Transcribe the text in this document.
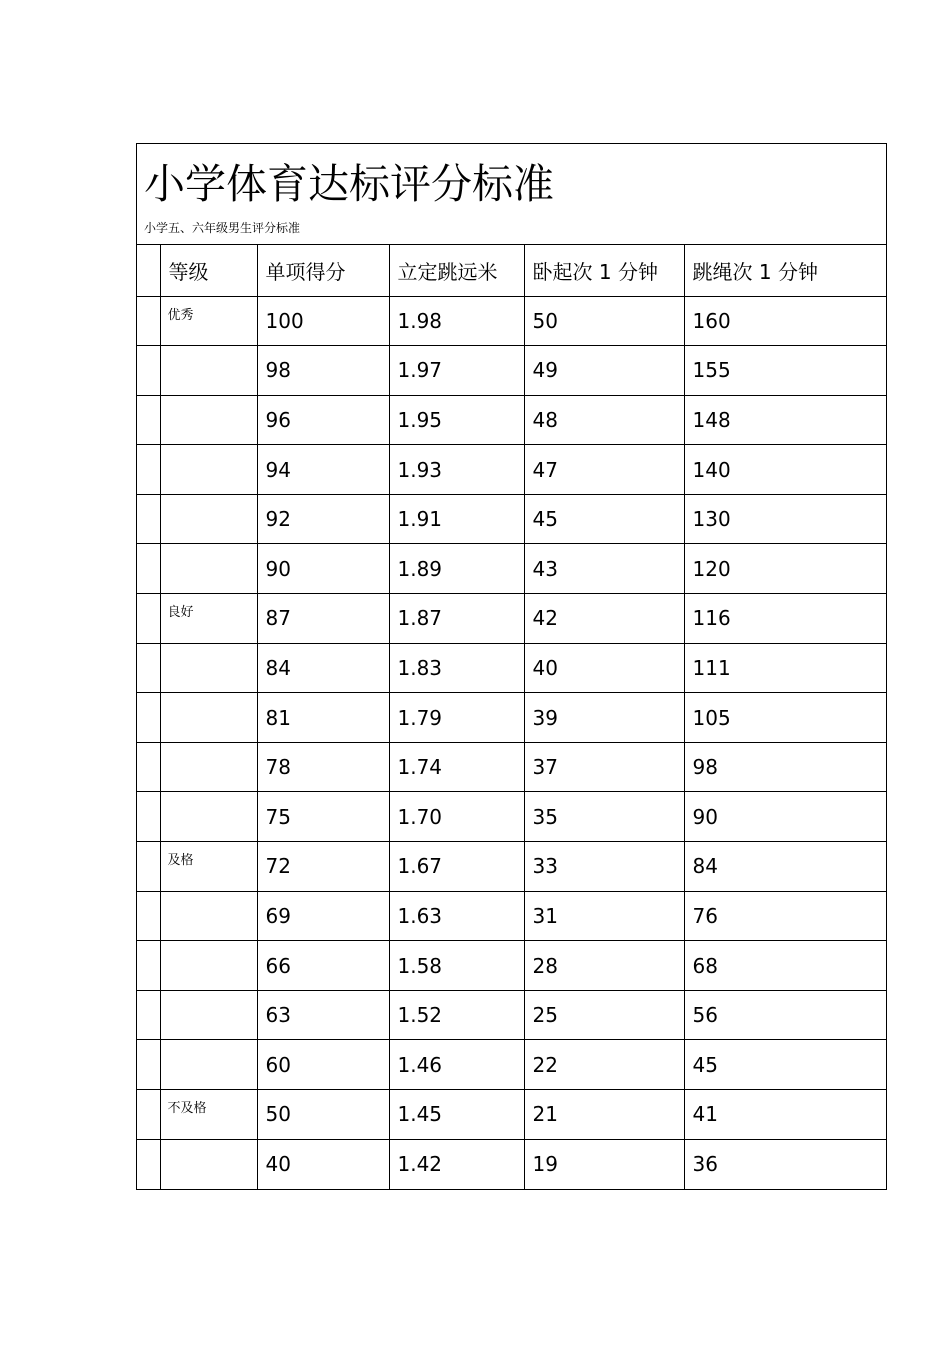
小学体育达标评分标准
小学五、六年级男生评分标准
	等级	单项得分	立定跳远米	卧起次 1 分钟	跳绳次 1 分钟
	优秀	100	1.98	50	160
		98	1.97	49	155
		96	1.95	48	148
		94	1.93	47	140
		92	1.91	45	130
		90	1.89	43	120
	良好	87	1.87	42	116
		84	1.83	40	111
		81	1.79	39	105
		78	1.74	37	98
		75	1.70	35	90
	及格	72	1.67	33	84
		69	1.63	31	76
		66	1.58	28	68
		63	1.52	25	56
		60	1.46	22	45
	不及格	50	1.45	21	41
		40	1.42	19	36
